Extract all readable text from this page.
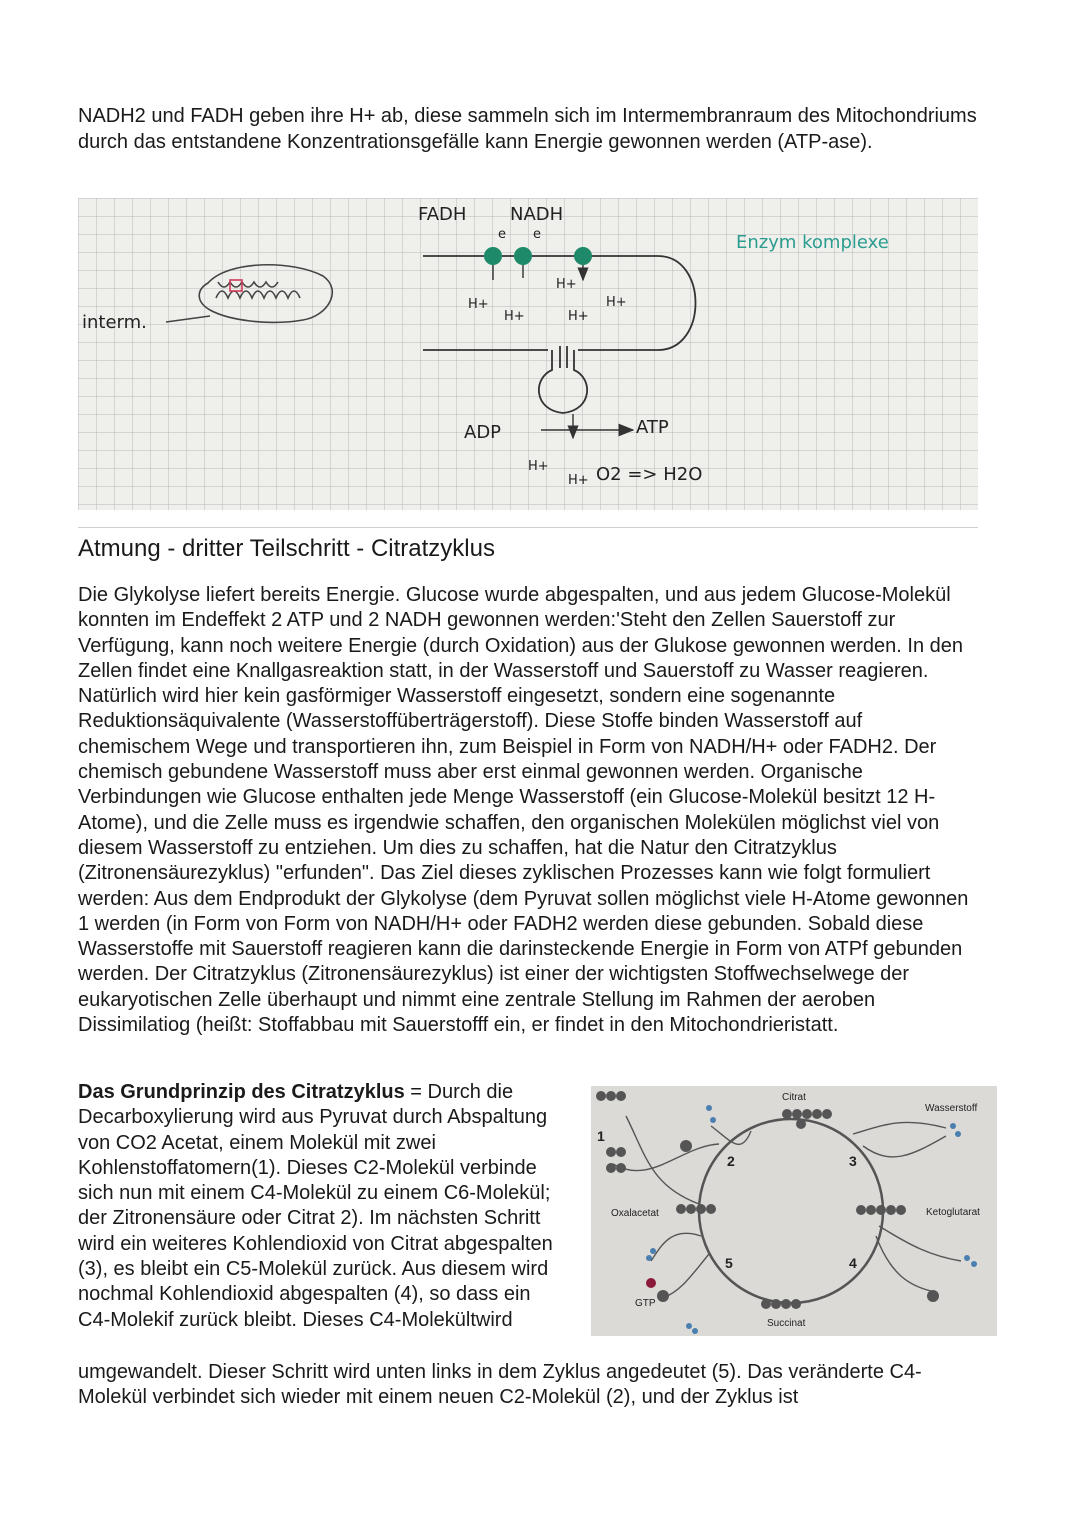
NADH2 und FADH geben ihre H+ ab, diese sammeln sich im Intermembranraum des Mitochondriums durch das entstandene Konzentrationsgefälle kann Energie gewonnen werden (ATP-ase).

interm.
FADH NADH
e e	Enzym komplexe
H+
H+
H+
H+
H+
H+
H+
ADP	ATP
O2 => H2O
Atmung - dritter Teilschritt - Citratzyklus

Die Glykolyse liefert bereits Energie. Glucose wurde abgespalten, und aus jedem Glucose-Molekül konnten im Endeffekt 2 ATP und 2 NADH gewonnen werden:'Steht den Zellen Sauerstoff zur Verfügung, kann noch weitere Energie (durch Oxidation) aus der Glukose gewonnen werden. In den Zellen findet eine Knallgasreaktion statt, in der Wasserstoff und Sauerstoff zu Wasser reagieren. Natürlich wird hier kein gasförmiger Wasserstoff eingesetzt, sondern eine sogenannte Reduktionsäquivalente (Wasserstoffüberträgerstoff). Diese Stoffe binden Wasserstoff auf chemischem Wege und transportieren ihn, zum Beispiel in Form von NADH/H+ oder FADH2. Der chemisch gebundene Wasserstoff muss aber erst einmal gewonnen werden. Organische Verbindungen wie Glucose enthalten jede Menge Wasserstoff (ein Glucose-Molekül besitzt 12 H-Atome), und die Zelle muss es irgendwie schaffen, den organischen Molekülen möglichst viel von diesem Wasserstoff zu entziehen. Um dies zu schaffen, hat die Natur den Citratzyklus (Zitronensäurezyklus) "erfunden". Das Ziel dieses zyklischen Prozesses kann wie folgt formuliert werden: Aus dem Endprodukt der Glykolyse (dem Pyruvat sollen möglichst viele H-Atome gewonnen 1 werden (in Form von Form von NADH/H+ oder FADH2 werden diese gebunden. Sobald diese Wasserstoffe mit Sauerstoff reagieren kann die darinsteckende Energie in Form von ATPf gebunden werden. Der Citratzyklus (Zitronensäurezyklus) ist einer der wichtigsten Stoffwechselwege der eukaryotischen Zelle überhaupt und nimmt eine zentrale Stellung im Rahmen der aeroben Dissimilatiog (heißt: Stoffabbau mit Sauerstofff ein, er findet in den Mitochondrieristatt.

Das Grundprinzip des Citratzyklus = Durch die Decarboxylierung wird aus Pyruvat durch Abspaltung von CO2 Acetat, einem Molekül mit zwei Kohlenstoffatomern(1). Dieses C2-Molekül verbinde sich nun mit einem C4-Molekül zu einem C6-Molekül; der Zitronensäure oder Citrat 2). Im nächsten Schritt wird ein weiteres Kohlendioxid von Citrat abgespalten (3), es bleibt ein C5-Molekül zurück. Aus diesem wird nochmal Kohlendioxid abgespalten (4), so dass ein C4-Molekif zurück bleibt. Dieses C4-Molekültwird

Citrat
Wasserstoff
Oxalacetat	Ketoglutarat
Succinat
GTP
1
2	3
4
5

umgewandelt. Dieser Schritt wird unten links in dem Zyklus angedeutet (5). Das veränderte C4-Molekül verbindet sich wieder mit einem neuen C2-Molekül (2), und der Zyklus ist
